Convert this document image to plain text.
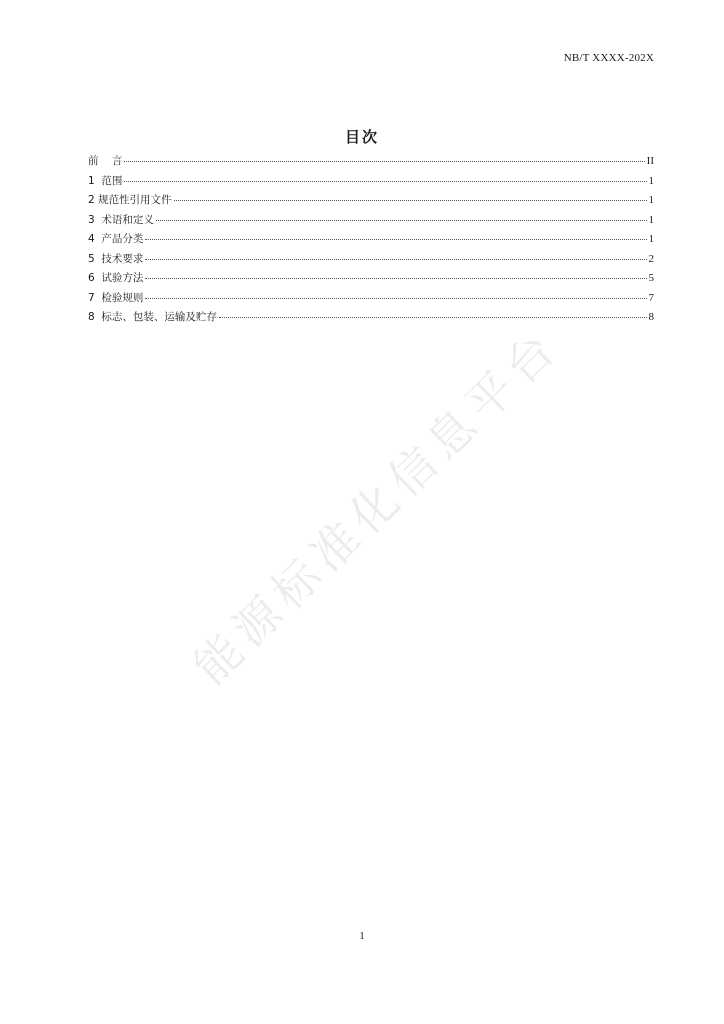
NB/T XXXX-202X
目次
前    言	II
1  范围	1
2 规范性引用文件	1
3  术语和定义	1
4  产品分类	1
5  技术要求	2
6  试验方法	5
7  检验规则	7
8  标志、包装、运输及贮存	8
能源标准化信息平台
1
